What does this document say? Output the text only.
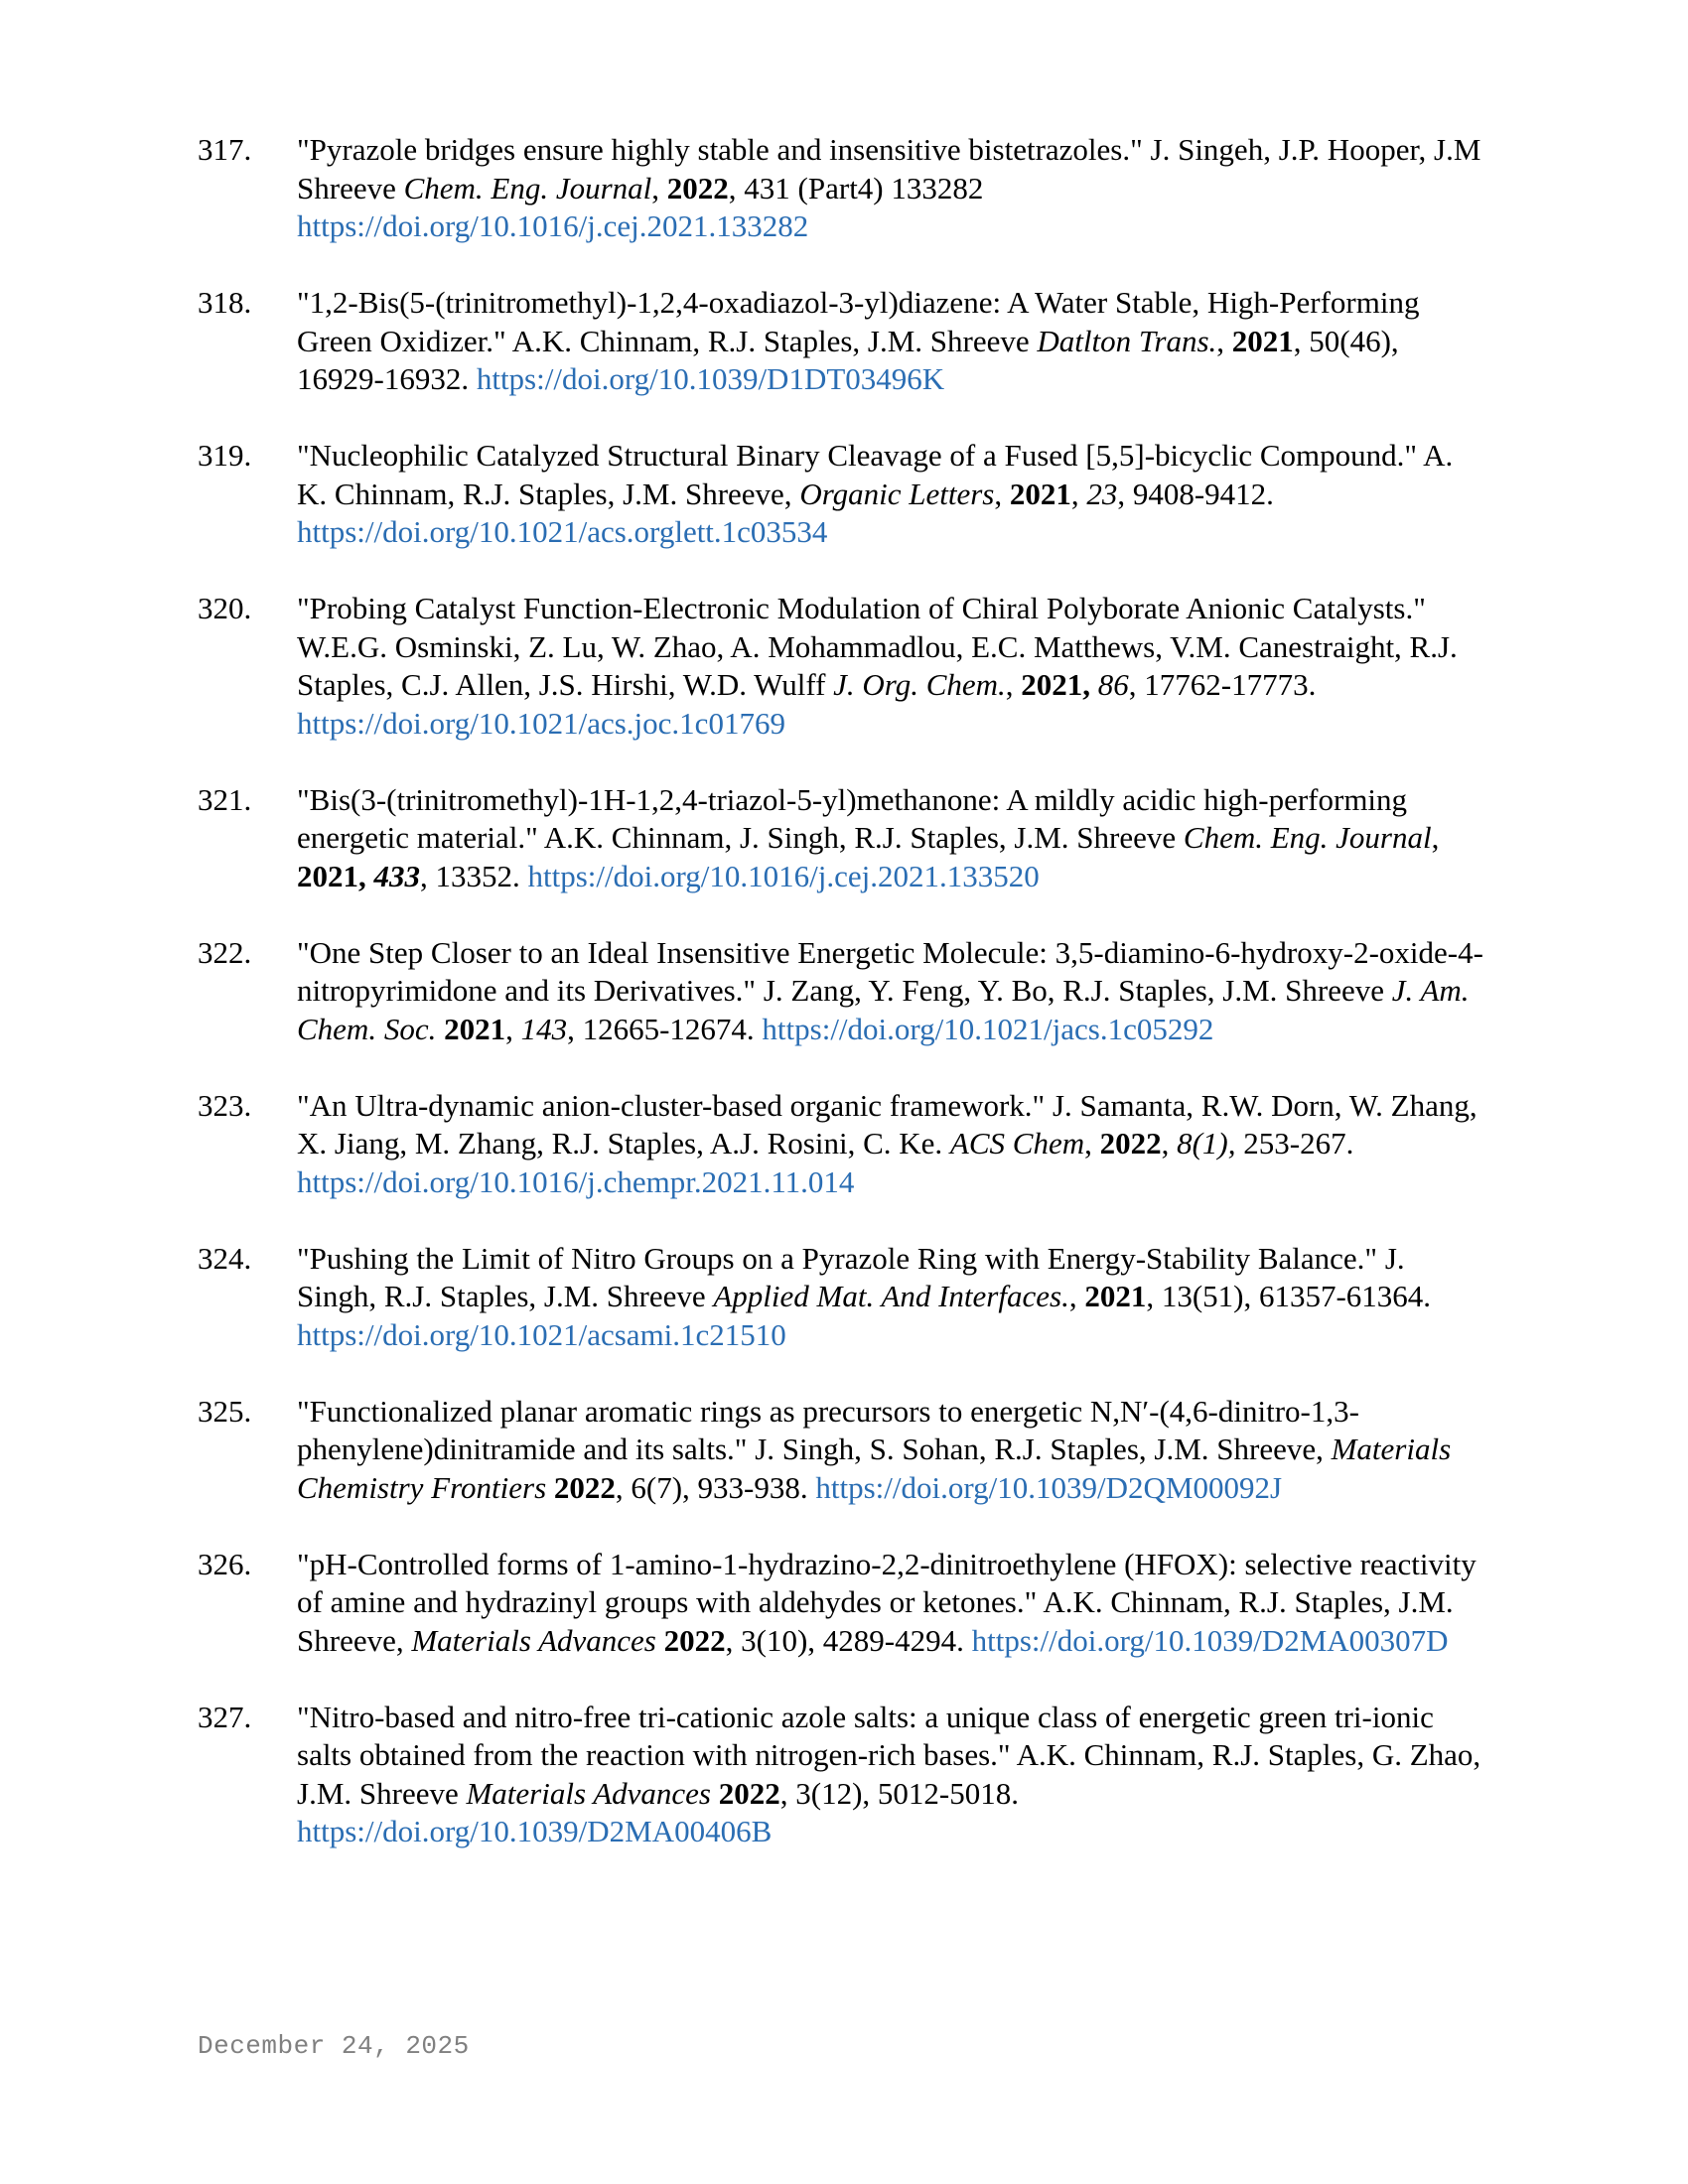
317.	"Pyrazole bridges ensure highly stable and insensitive bistetrazoles." J. Singeh, J.P. Hooper, J.M Shreeve Chem. Eng. Journal, 2022, 431 (Part4) 133282 https://doi.org/10.1016/j.cej.2021.133282
318.	"1,2-Bis(5-(trinitromethyl)-1,2,4-oxadiazol-3-yl)diazene: A Water Stable, High-Performing Green Oxidizer." A.K. Chinnam, R.J. Staples, J.M. Shreeve Datlton Trans., 2021, 50(46), 16929-16932. https://doi.org/10.1039/D1DT03496K
319.	"Nucleophilic Catalyzed Structural Binary Cleavage of a Fused [5,5]-bicyclic Compound." A. K. Chinnam, R.J. Staples, J.M. Shreeve, Organic Letters, 2021, 23, 9408-9412. https://doi.org/10.1021/acs.orglett.1c03534
320.	"Probing Catalyst Function-Electronic Modulation of Chiral Polyborate Anionic Catalysts." W.E.G. Osminski, Z. Lu, W. Zhao, A. Mohammadlou, E.C. Matthews, V.M. Canestraight, R.J. Staples, C.J. Allen, J.S. Hirshi, W.D. Wulff J. Org. Chem., 2021, 86, 17762-17773. https://doi.org/10.1021/acs.joc.1c01769
321.	"Bis(3-(trinitromethyl)-1H-1,2,4-triazol-5-yl)methanone: A mildly acidic high-performing energetic material." A.K. Chinnam, J. Singh, R.J. Staples, J.M. Shreeve Chem. Eng. Journal, 2021, 433, 13352. https://doi.org/10.1016/j.cej.2021.133520
322.	"One Step Closer to an Ideal Insensitive Energetic Molecule: 3,5-diamino-6-hydroxy-2-oxide-4-nitropyrimidone and its Derivatives." J. Zang, Y. Feng, Y. Bo, R.J. Staples, J.M. Shreeve J. Am. Chem. Soc. 2021, 143, 12665-12674. https://doi.org/10.1021/jacs.1c05292
323.	"An Ultra-dynamic anion-cluster-based organic framework." J. Samanta, R.W. Dorn, W. Zhang, X. Jiang, M. Zhang, R.J. Staples, A.J. Rosini, C. Ke. ACS Chem, 2022, 8(1), 253-267. https://doi.org/10.1016/j.chempr.2021.11.014
324.	"Pushing the Limit of Nitro Groups on a Pyrazole Ring with Energy-Stability Balance." J. Singh, R.J. Staples, J.M. Shreeve Applied Mat. And Interfaces., 2021, 13(51), 61357-61364. https://doi.org/10.1021/acsami.1c21510
325.	"Functionalized planar aromatic rings as precursors to energetic N,N′-(4,6-dinitro-1,3-phenylene)dinitramide and its salts." J. Singh, S. Sohan, R.J. Staples, J.M. Shreeve, Materials Chemistry Frontiers 2022, 6(7), 933-938. https://doi.org/10.1039/D2QM00092J
326.	"pH-Controlled forms of 1-amino-1-hydrazino-2,2-dinitroethylene (HFOX): selective reactivity of amine and hydrazinyl groups with aldehydes or ketones." A.K. Chinnam, R.J. Staples, J.M. Shreeve, Materials Advances 2022, 3(10), 4289-4294. https://doi.org/10.1039/D2MA00307D
327.	"Nitro-based and nitro-free tri-cationic azole salts: a unique class of energetic green tri-ionic salts obtained from the reaction with nitrogen-rich bases." A.K. Chinnam, R.J. Staples, G. Zhao, J.M. Shreeve Materials Advances 2022, 3(12), 5012-5018. https://doi.org/10.1039/D2MA00406B
December 24, 2025
